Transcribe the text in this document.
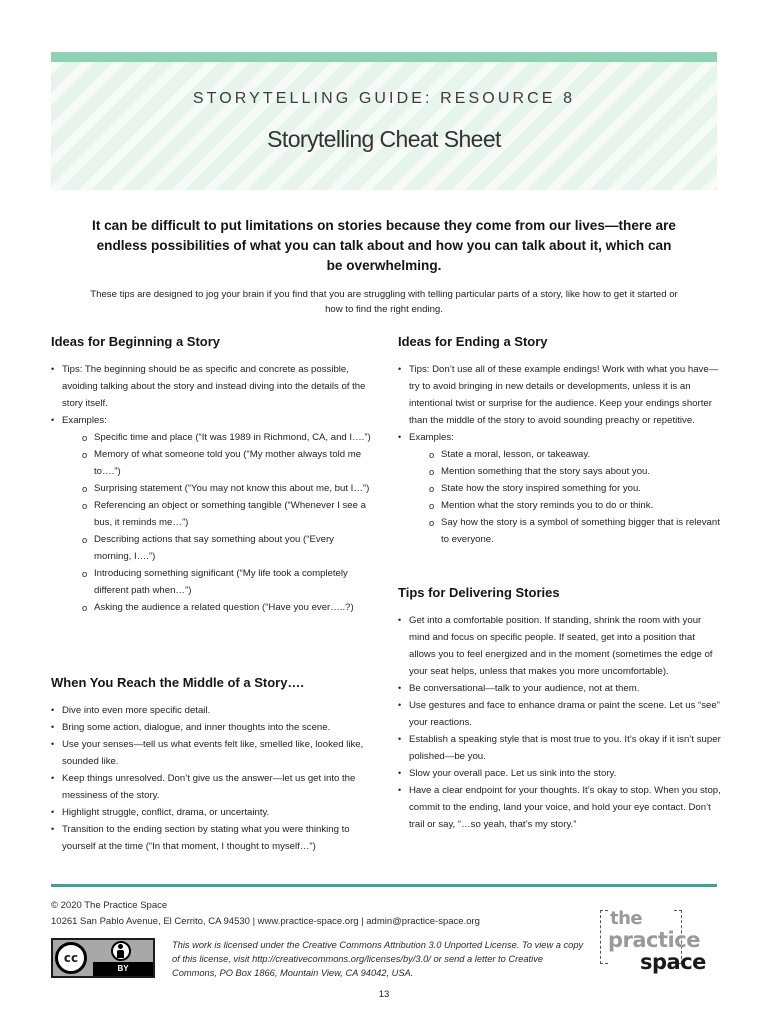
STORYTELLING GUIDE: RESOURCE 8
Storytelling Cheat Sheet

It can be difficult to put limitations on stories because they come from our lives—there are endless possibilities of what you can talk about and how you can talk about it, which can be overwhelming.

These tips are designed to jog your brain if you find that you are struggling with telling particular parts of a story, like how to get it started or how to find the right ending.

Ideas for Beginning a Story
• Tips: The beginning should be as specific and concrete as possible, avoiding talking about the story and instead diving into the details of the story itself.
• Examples:
o Specific time and place (“It was 1989 in Richmond, CA, and I….”)
o Memory of what someone told you (“My mother always told me to….”)
o Surprising statement (“You may not know this about me, but I…”)
o Referencing an object or something tangible (“Whenever I see a bus, it reminds me…”)
o Describing actions that say something about you (“Every morning, I….”)
o Introducing something significant (“My life took a completely different path when…”)
o Asking the audience a related question (“Have you ever…..?)
When You Reach the Middle of a Story….
• Dive into even more specific detail.
• Bring some action, dialogue, and inner thoughts into the scene.
• Use your senses—tell us what events felt like, smelled like, looked like, sounded like.
• Keep things unresolved. Don’t give us the answer—let us get into the messiness of the story.
• Highlight struggle, conflict, drama, or uncertainty.
• Transition to the ending section by stating what you were thinking to yourself at the time (“In that moment, I thought to myself…”)
Ideas for Ending a Story
• Tips: Don’t use all of these example endings! Work with what you have—try to avoid bringing in new details or developments, unless it is an intentional twist or surprise for the audience. Keep your endings shorter than the middle of the story to avoid sounding preachy or repetitive.
• Examples:
o State a moral, lesson, or takeaway.
o Mention something that the story says about you.
o State how the story inspired something for you.
o Mention what the story reminds you to do or think.
o Say how the story is a symbol of something bigger that is relevant to everyone.
Tips for Delivering Stories
• Get into a comfortable position. If standing, shrink the room with your mind and focus on specific people. If seated, get into a position that allows you to feel energized and in the moment (sometimes the edge of your seat helps, unless that makes you more uncomfortable).
• Be conversational—talk to your audience, not at them.
• Use gestures and face to enhance drama or paint the scene. Let us “see” your reactions.
• Establish a speaking style that is most true to you. It’s okay if it isn’t super polished—be you.
• Slow your overall pace. Let us sink into the story.
• Have a clear endpoint for your thoughts. It’s okay to stop. When you stop, commit to the ending, land your voice, and hold your eye contact. Don’t trail or say, “…so yeah, that’s my story.”
© 2020 The Practice Space
10261 San Pablo Avenue, El Cerrito, CA 94530 | www.practice-space.org | admin@practice-space.org
cc
BY

This work is licensed under the Creative Commons Attribution 3.0 Unported License. To view a copy of this license, visit http://creativecommons.org/licenses/by/3.0/ or send a letter to Creative Commons, PO Box 1866, Mountain View, CA 94042, USA.

the
practice
space
13
